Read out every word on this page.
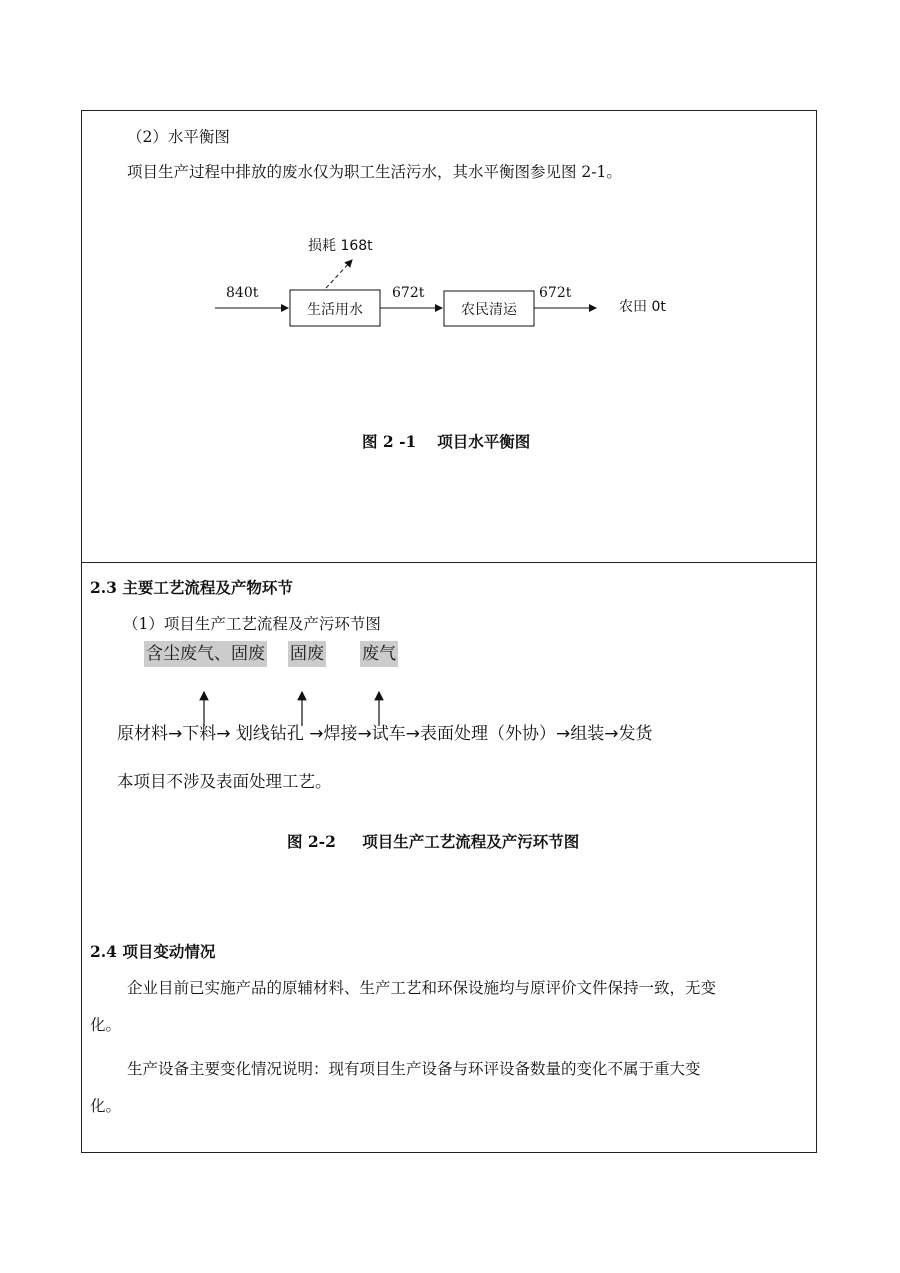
（2）水平衡图
项目生产过程中排放的废水仅为职工生活污水，其水平衡图参见图 2-1。
840t
生活用水
损耗 168t
672t
农民清运
672t
农田 0t
图 2 -1　 项目水平衡图
2.3 主要工艺流程及产物环节
（1）项目生产工艺流程及产污环节图
含尘废气、固废 固废 废气
原材料→下料→ 划线钻孔 →焊接→试车→表面处理（外协）→组装→发货
本项目不涉及表面处理工艺。
图 2-2 　 项目生产工艺流程及产污环节图
2.4 项目变动情况
企业目前已实施产品的原辅材料、生产工艺和环保设施均与原评价文件保持一致，无变
化。
生产设备主要变化情况说明：现有项目生产设备与环评设备数量的变化不属于重大变
化。
